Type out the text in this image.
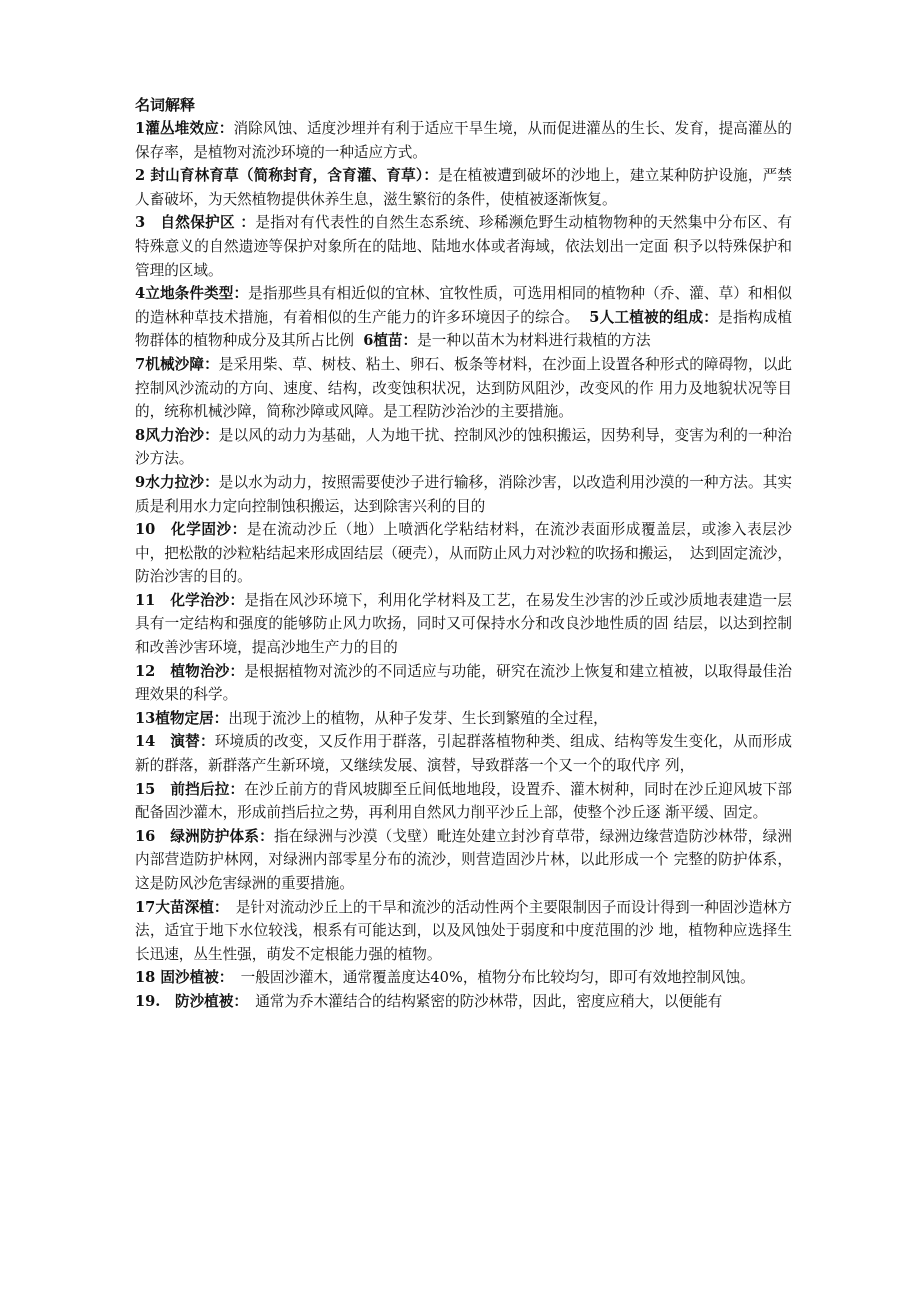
名词解释

1灌丛堆效应：消除风蚀、适度沙埋并有利于适应干旱生境，从而促进灌丛的生长、发育，提高灌丛的保存率，是植物对流沙环境的一种适应方式。

2 封山育林育草（简称封育，含育灌、育草）：是在植被遭到破坏的沙地上，建立某种防护设施，严禁人畜破坏，为天然植物提供休养生息，滋生繁衍的条件，使植被逐渐恢复。

3　自然保护区 ：是指对有代表性的自然生态系统、珍稀濒危野生动植物物种的天然集中分布区、有特殊意义的自然遗迹等保护对象所在的陆地、陆地水体或者海域，依法划出一定面 积予以特殊保护和管理的区域。

4立地条件类型：是指那些具有相近似的宜林、宜牧性质，可选用相同的植物种（乔、灌、草）和相似的造林种草技术措施，有着相似的生产能力的许多环境因子的综合。 5人工植被的组成：是指构成植物群体的植物种成分及其所占比例  6植苗：是一种以苗木为材料进行栽植的方法

7机械沙障：是采用柴、草、树枝、粘土、卵石、板条等材料，在沙面上设置各种形式的障碍物，以此控制风沙流动的方向、速度、结构，改变蚀积状况，达到防风阻沙，改变风的作 用力及地貌状况等目的，统称机械沙障，简称沙障或风障。是工程防沙治沙的主要措施。

8风力治沙：是以风的动力为基础，人为地干扰、控制风沙的蚀积搬运，因势利导，变害为利的一种治沙方法。

9水力拉沙：是以水为动力，按照需要使沙子进行输移，消除沙害，以改造利用沙漠的一种方法。其实质是利用水力定向控制蚀积搬运，达到除害兴利的目的

10　化学固沙：是在流动沙丘（地）上喷洒化学粘结材料，在流沙表面形成覆盖层，或渗入表层沙中，把松散的沙粒粘结起来形成固结层（硬壳），从而防止风力对沙粒的吹扬和搬运，　达到固定流沙，防治沙害的目的。

11　化学治沙：是指在风沙环境下，利用化学材料及工艺，在易发生沙害的沙丘或沙质地表建造一层具有一定结构和强度的能够防止风力吹扬，同时又可保持水分和改良沙地性质的固 结层，以达到控制和改善沙害环境，提高沙地生产力的目的

12　植物治沙：是根据植物对流沙的不同适应与功能，研究在流沙上恢复和建立植被，以取得最佳治理效果的科学。

13植物定居：出现于流沙上的植物，从种子发芽、生长到繁殖的全过程，

14　演替：环境质的改变，又反作用于群落，引起群落植物种类、组成、结构等发生变化，从而形成新的群落，新群落产生新环境，又继续发展、演替，导致群落一个又一个的取代序 列，

15　前挡后拉：在沙丘前方的背风坡脚至丘间低地地段，设置乔、灌木树种，同时在沙丘迎风坡下部配备固沙灌木，形成前挡后拉之势，再利用自然风力削平沙丘上部，使整个沙丘逐 渐平缓、固定。

16　绿洲防护体系：指在绿洲与沙漠（戈壁）毗连处建立封沙育草带，绿洲边缘营造防沙林带，绿洲内部营造防护林网，对绿洲内部零星分布的流沙，则营造固沙片林，以此形成一个 完整的防护体系，这是防风沙危害绿洲的重要措施。

17大苗深植：　是针对流动沙丘上的干旱和流沙的活动性两个主要限制因子而设计得到一种固沙造林方法，适宜于地下水位较浅，根系有可能达到，以及风蚀处于弱度和中度范围的沙 地，植物种应选择生长迅速，丛生性强，萌发不定根能力强的植物。

18 固沙植被：　一般固沙灌木，通常覆盖度达40%，植物分布比较均匀，即可有效地控制风蚀。

19.　防沙植被：　通常为乔木灌结合的结构紧密的防沙林带，因此，密度应稍大，以便能有
